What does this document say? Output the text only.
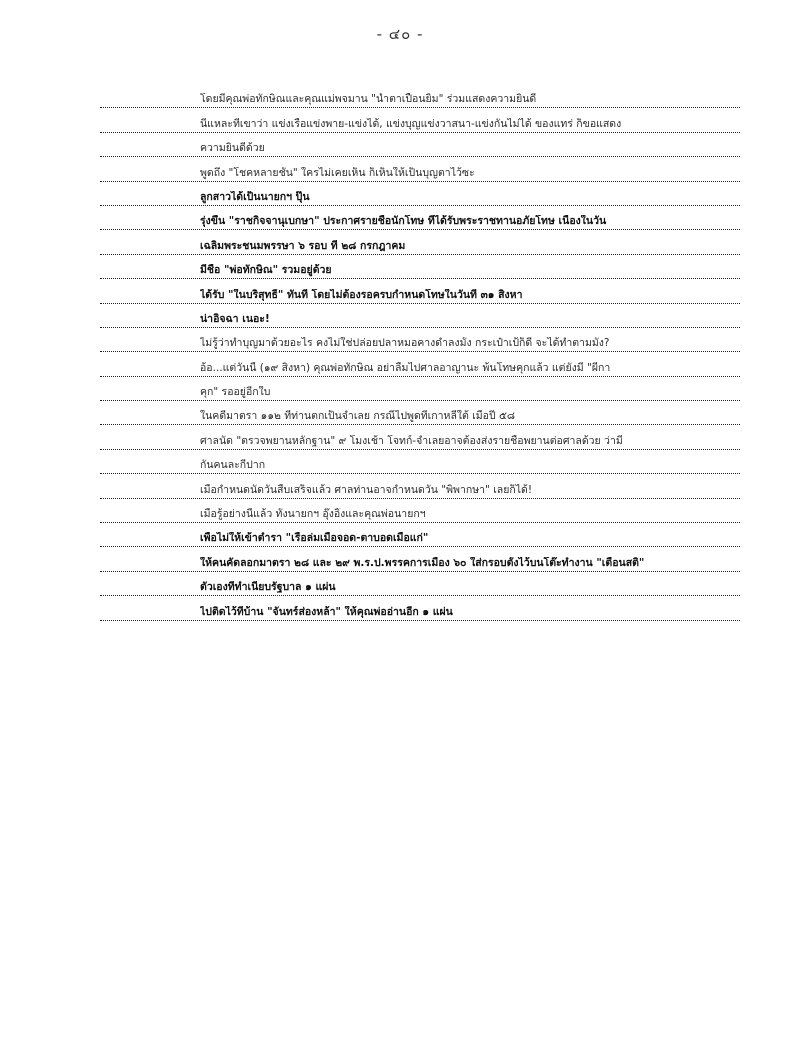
- ๔๐ -
โดยมีคุณพ่อทักษิณและคุณแม่พจมาน "น้ำตาเปื้อนยิ้ม" ร่วมแสดงความยินดี
นี่แหละที่เขาว่า แข่งเรือแข่งพาย-แข่งได้, แข่งบุญแข่งวาสนา-แข่งกันไม่ได้ ของแทร่ ก็ขอแสดง
ความยินดีด้วย
พูดถึง "โชคหลายชั้น" ใครไม่เคยเห็น ก็เห็นให้เป็นบุญตาไว้ซะ
ลูกสาวได้เป็นนายกฯ ปุ๊น
รุ่งขึ้น "ราชกิจจานุเบกษา" ประกาศรายชื่อนักโทษ ที่ได้รับพระราชทานอภัยโทษ เนื่องในวัน
เฉลิมพระชนมพรรษา ๖ รอบ ที่ ๒๘ กรกฎาคม
มีชื่อ "พ่อทักษิณ" รวมอยู่ด้วย
ได้รับ "ในบริสุทธิ์" ทันที โดยไม่ต้องรอครบกำหนดโทษในวันที่ ๓๑ สิงหา
น่าอิจฉา เนอะ!
ไม่รู้ว่าทำบุญมาด้วยอะไร คงไม่ใช่ปล่อยปลาหมอคางดำลงมั้ง กระเป๋าเป้ก็ดี จะได้ทำตามมั่ง?
อ้อ...แต่วันนี้ (๑๙ สิงหา) คุณพ่อทักษิณ อย่าลืมไปศาลอาญานะ พ้นโทษคุกแล้ว แต่ยังมี "ผีกา
คุก" รออยู่อีกใบ
ในคดีมาตรา ๑๑๒ ที่ท่านตกเป็นจำเลย กรณีไปพูดที่เกาหลีใต้ เมื่อปี ๕๘
ศาลนัด "ตรวจพยานหลักฐาน" ๙ โมงเช้า โจทก์-จำเลยอาจต้องส่งรายชื่อพยานต่อศาลด้วย ว่ามี
กันคนละกี่ปาก
เมื่อกำหนดนัดวันสืบเสร็จแล้ว ศาลท่านอาจกำหนดวัน "พิพากษา" เลยก็ได้!
เมื่อรู้อย่างนี้แล้ว ทั้งนายกฯ อุ๊งอิ๊งและคุณพ่อนายกฯ
เพื่อไม่ให้เข้าตำรา "เรือล่มเมื่อจอด-ตาบอดเมื่อแก่"
ให้คนคัดลอกมาตรา ๒๘ และ ๒๙ พ.ร.ป.พรรคการเมือง ๖๐ ใส่กรอบตั้งไว้บนโต๊ะทำงาน "เตือนสติ"
ตัวเองที่ทำเนียบรัฐบาล ๑ แผ่น
ไปติดไว้ที่บ้าน "จันทร์ส่องหล้า" ให้คุณพ่ออ่านอีก ๑ แผ่น
